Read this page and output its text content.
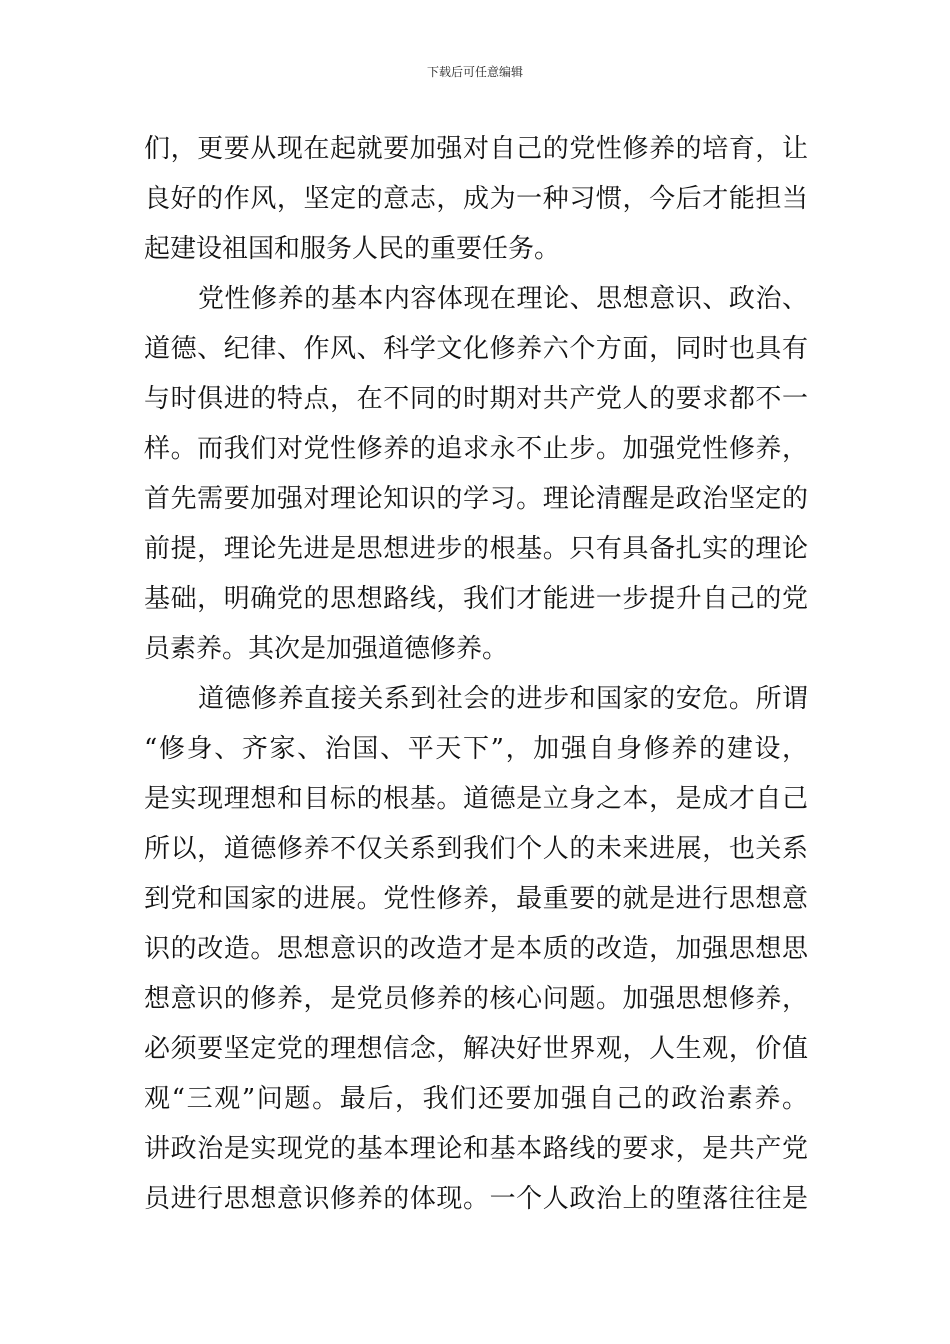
下载后可任意编辑
们，更要从现在起就要加强对自己的党性修养的培育，让
良好的作风，坚定的意志，成为一种习惯，今后才能担当
起建设祖国和服务人民的重要任务。
党性修养的基本内容体现在理论、思想意识、政治、
道德、纪律、作风、科学文化修养六个方面，同时也具有
与时俱进的特点，在不同的时期对共产党人的要求都不一
样。而我们对党性修养的追求永不止步。加强党性修养，
首先需要加强对理论知识的学习。理论清醒是政治坚定的
前提，理论先进是思想进步的根基。只有具备扎实的理论
基础，明确党的思想路线，我们才能进一步提升自己的党
员素养。其次是加强道德修养。
道德修养直接关系到社会的进步和国家的安危。所谓
“修身、齐家、治国、平天下”，加强自身修养的建设，
是实现理想和目标的根基。道德是立身之本，是成才自己
所以，道德修养不仅关系到我们个人的未来进展，也关系
到党和国家的进展。党性修养，最重要的就是进行思想意
识的改造。思想意识的改造才是本质的改造，加强思想思
想意识的修养，是党员修养的核心问题。加强思想修养，
必须要坚定党的理想信念，解决好世界观，人生观，价值
观“三观”问题。最后，我们还要加强自己的政治素养。
讲政治是实现党的基本理论和基本路线的要求，是共产党
员进行思想意识修养的体现。一个人政治上的堕落往往是
